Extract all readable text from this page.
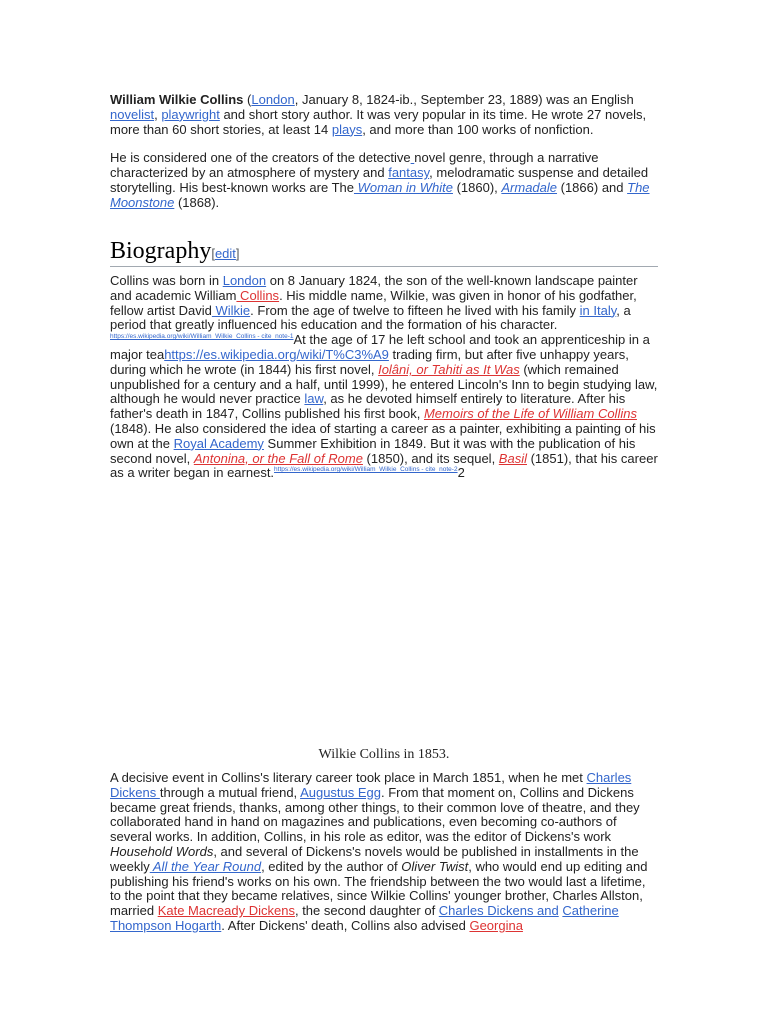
William Wilkie Collins (London, January 8, 1824-ib., September 23, 1889) was an English novelist, playwright and short story author. It was very popular in its time. He wrote 27 novels, more than 60 short stories, at least 14 plays, and more than 100 works of nonfiction.

He is considered one of the creators of the detective novel genre, through a narrative characterized by an atmosphere of mystery and fantasy, melodramatic suspense and detailed storytelling. His best-known works are The Woman in White (1860), Armadale (1866) and The Moonstone (1868).

Biography[edit]

Collins was born in London on 8 January 1824, the son of the well-known landscape painter and academic William Collins. His middle name, Wilkie, was given in honor of his godfather, fellow artist David Wilkie. From the age of twelve to fifteen he lived with his family in Italy, a period that greatly influenced his education and the formation of his character. $^{https://es.wikipedia.org/wiki/William\_Wilkie\_Collins - cite\_note-1}$At the age of 17 he left school and took an apprenticeship in a major teahttps://es.wikipedia.org/wiki/T%C3%A9 trading firm, but after five unhappy years, during which he wrote (in 1844) his first novel, Iolâni, or Tahiti as It Was (which remained unpublished for a century and a half, until 1999), he entered Lincoln's Inn to begin studying law, although he would never practice law, as he devoted himself entirely to literature. After his father's death in 1847, Collins published his first book, Memoirs of the Life of William Collins (1848). He also considered the idea of starting a career as a painter, exhibiting a painting of his own at the Royal Academy Summer Exhibition in 1849. But it was with the publication of his second novel, Antonina, or the Fall of Rome (1850), and its sequel, Basil (1851), that his career as a writer began in earnest.$^{https://es.wikipedia.org/wiki/William\_Wilkie\_Collins - cite\_note-2}$2

Wilkie Collins in 1853.

A decisive event in Collins's literary career took place in March 1851, when he met Charles Dickens through a mutual friend, Augustus Egg. From that moment on, Collins and Dickens became great friends, thanks, among other things, to their common love of theatre, and they collaborated hand in hand on magazines and publications, even becoming co-authors of several works. In addition, Collins, in his role as editor, was the editor of Dickens's work Household Words, and several of Dickens's novels would be published in installments in the weekly All the Year Round, edited by the author of Oliver Twist, who would end up editing and publishing his friend's works on his own. The friendship between the two would last a lifetime, to the point that they became relatives, since Wilkie Collins' younger brother, Charles Allston, married Kate Macready Dickens, the second daughter of Charles Dickens and Catherine Thompson Hogarth. After Dickens' death, Collins also advised Georgina
